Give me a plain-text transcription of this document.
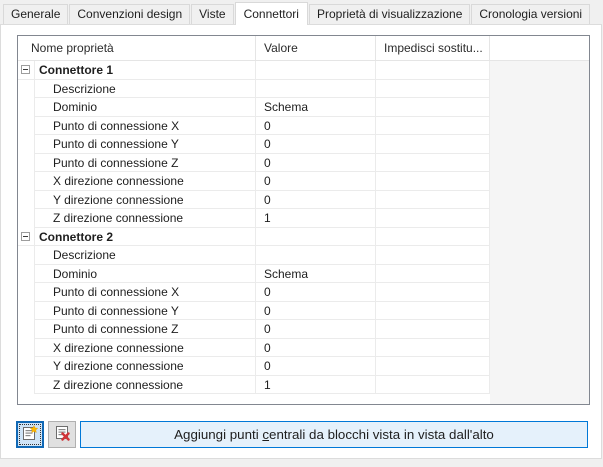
Generale	Convenzioni design	Viste	Connettori	Proprietà di visualizzazione	Cronologia versioni
Nome proprietà	Valore	Impedisci sostitu...
Connettore 1
Descrizione
Dominio	Schema
Punto di connessione X	0
Punto di connessione Y	0
Punto di connessione Z	0
X direzione connessione	0
Y direzione connessione	0
Z direzione connessione	1
Connettore 2
Descrizione
Dominio	Schema
Punto di connessione X	0
Punto di connessione Y	0
Punto di connessione Z	0
X direzione connessione	0
Y direzione connessione	0
Z direzione connessione	1
Aggiungi punti centrali da blocchi vista in vista dall'alto
